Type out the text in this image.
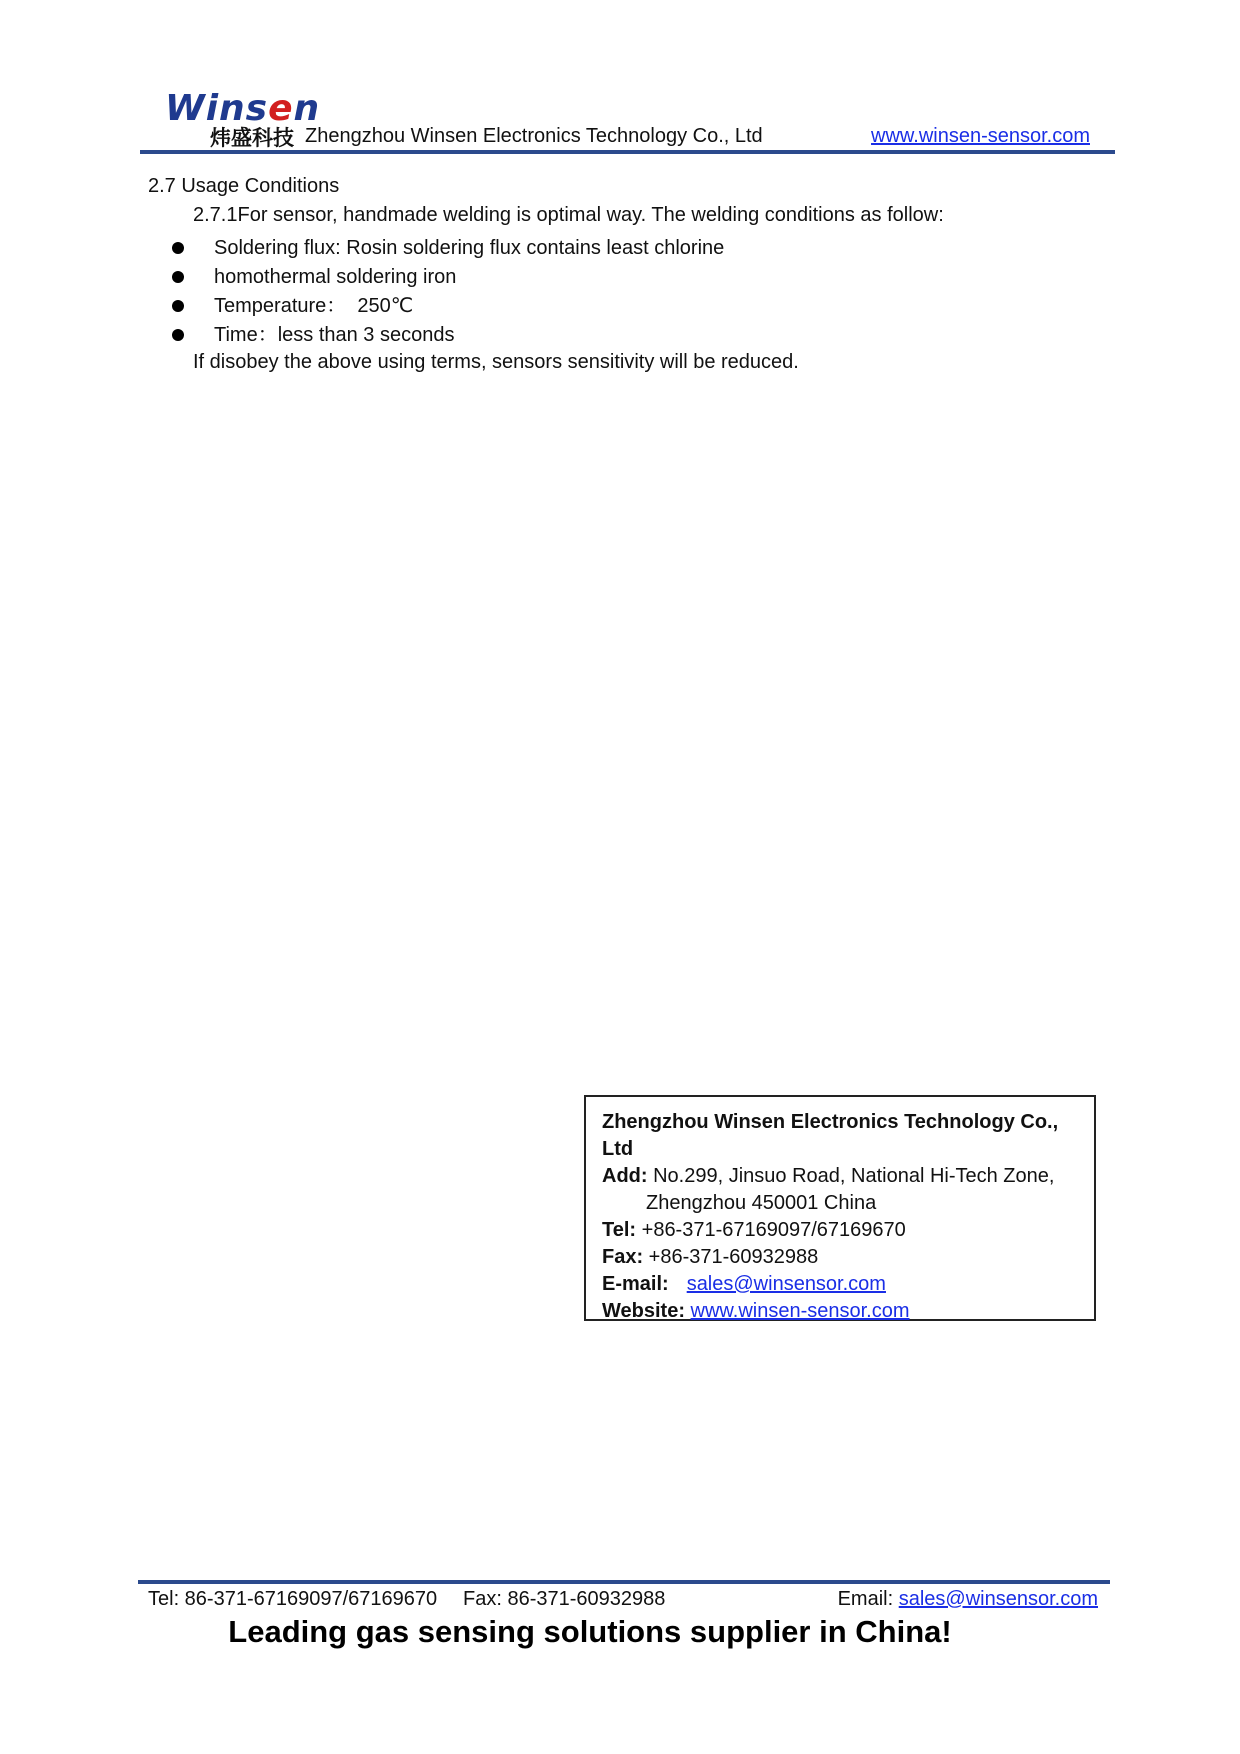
Winsen
炜盛科技 Zhengzhou Winsen Electronics Technology Co., Ltd	www.winsen-sensor.com
2.7 Usage Conditions
2.7.1For sensor, handmade welding is optimal way. The welding conditions as follow:
Soldering flux: Rosin soldering flux contains least chlorine
homothermal soldering iron
Temperature：  250℃
Time：less than 3 seconds
If disobey the above using terms, sensors sensitivity will be reduced.
Zhengzhou Winsen Electronics Technology Co., Ltd
Add: No.299, Jinsuo Road, National Hi-Tech Zone,
Zhengzhou 450001 China
Tel: +86-371-67169097/67169670
Fax: +86-371-60932988
E-mail: sales@winsensor.com
Website: www.winsen-sensor.com
Tel: 86-371-67169097/67169670 Fax: 86-371-60932988	Email: sales@winsensor.com
Leading gas sensing solutions supplier in China!
